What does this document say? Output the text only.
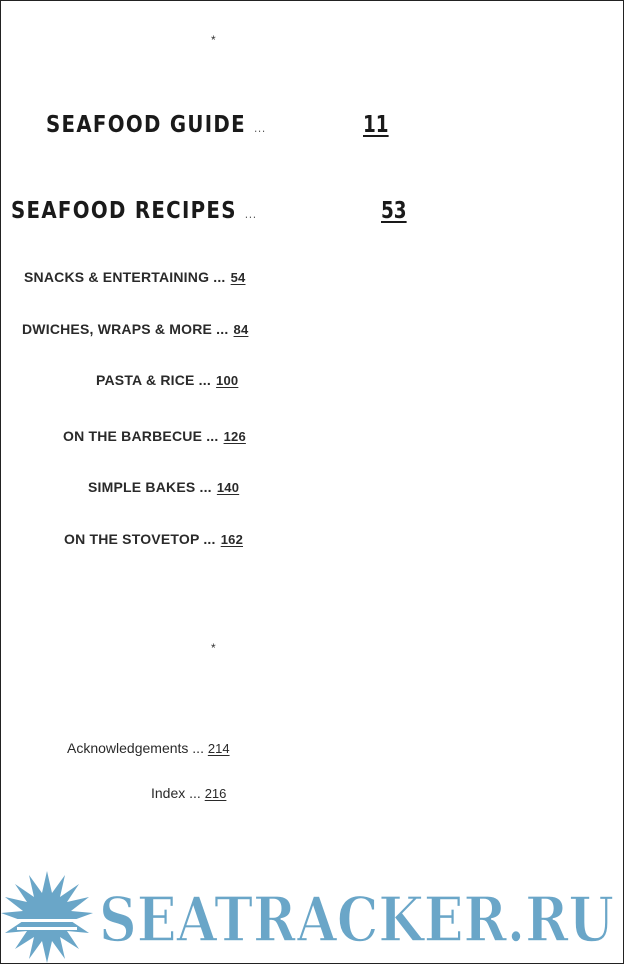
*
SEAFOOD GUIDE ...	11
SEAFOOD RECIPES ...	53
SNACKS & ENTERTAINING ... 54
DWICHES, WRAPS & MORE ... 84
PASTA & RICE ... 100
ON THE BARBECUE ... 126
SIMPLE BAKES ... 140
ON THE STOVETOP ... 162
*
Acknowledgements ... 214
Index ... 216
SEATRACKER.RU
